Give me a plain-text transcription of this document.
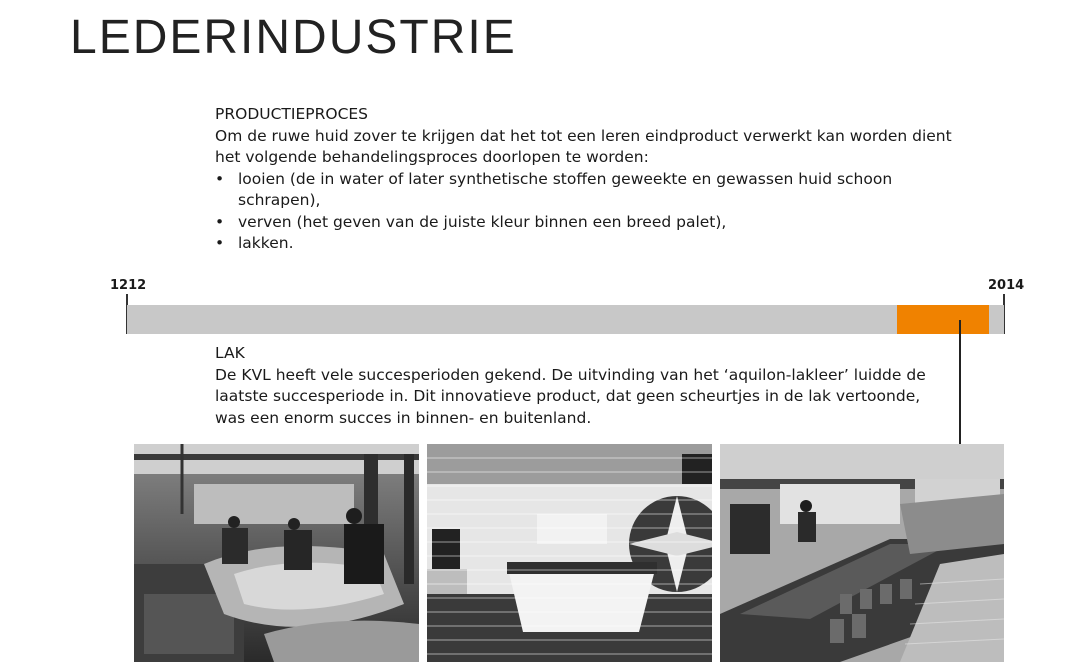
LEDERINDUSTRIE
PRODUCTIEPROCES

Om de ruwe huid zover te krijgen dat het tot een leren eindproduct verwerkt kan worden dient het volgende behandelingsproces doorlopen te worden:

• looien (de in water of later synthetische stoffen geweekte en gewassen huid schoon schrapen),
• verven (het geven van de juiste kleur binnen een breed palet),
• lakken.
1212	2014
LAK

De KVL heeft vele succesperioden gekend. De uitvinding van het ‘aquilon-lakleer’ luidde de laatste succesperiode in. Dit innovatieve product, dat geen scheurtjes in de lak vertoonde, was een enorm succes in binnen- en buitenland.
